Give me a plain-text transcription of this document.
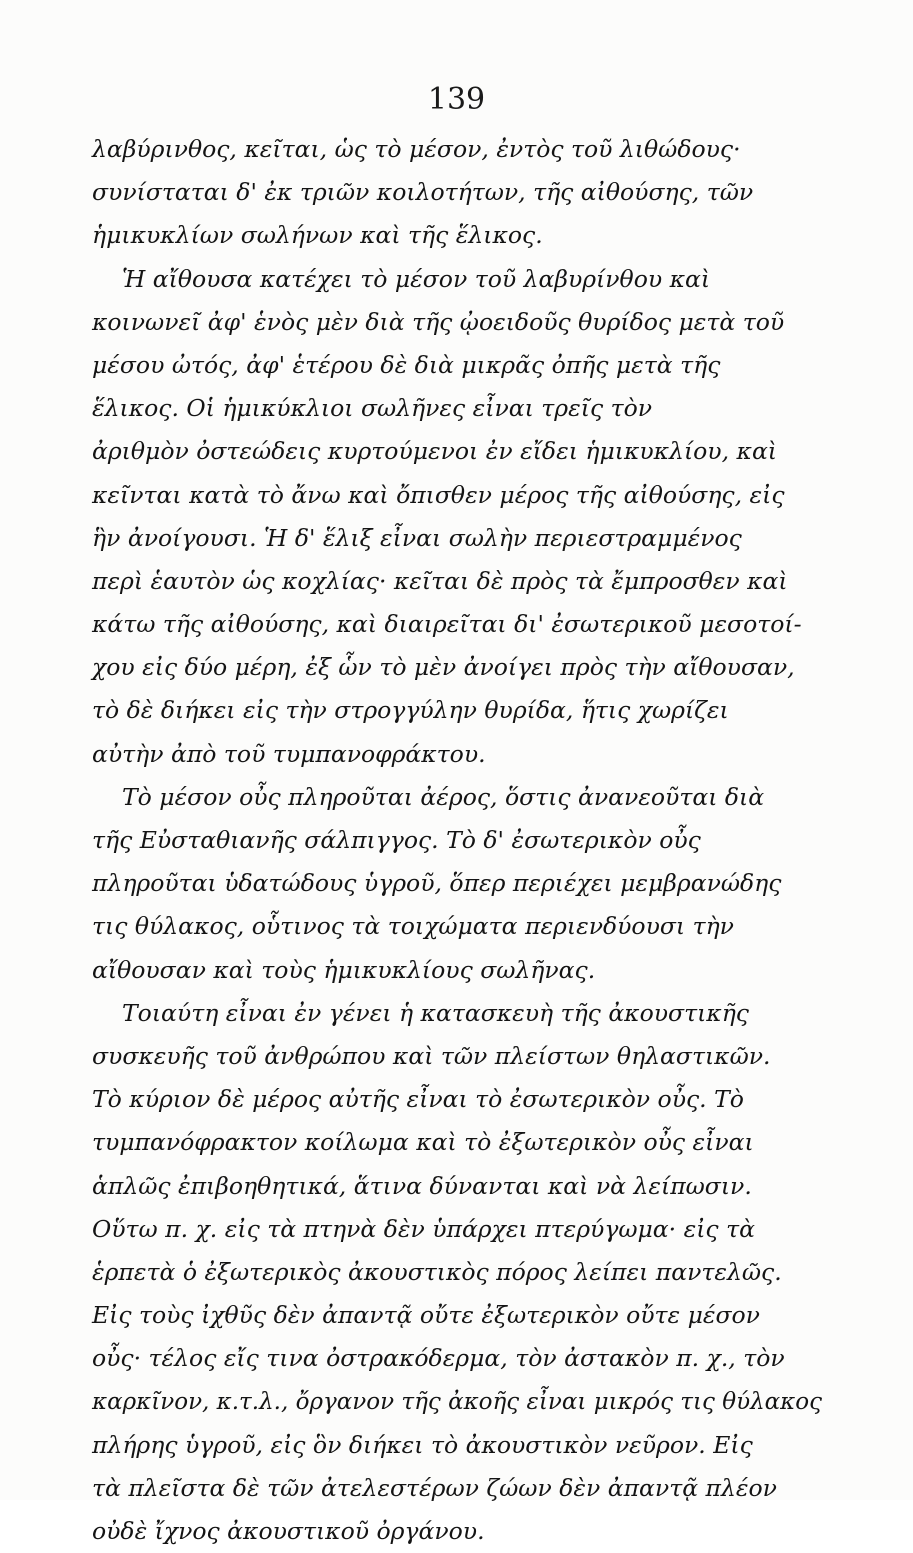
139
λαβύρινθος, κεῖται, ὡς τὸ μέσον, ἐντὸς τοῦ λιθώδους·
συνίσταται δ' ἐκ τριῶν κοιλοτήτων, τῆς αἰθούσης, τῶν
ἡμικυκλίων σωλήνων καὶ τῆς ἕλικος.
Ἡ αἴθουσα κατέχει τὸ μέσον τοῦ λαβυρίνθου καὶ
κοινωνεῖ ἀφ' ἑνὸς μὲν διὰ τῆς ᾠοειδοῦς θυρίδος μετὰ τοῦ
μέσου ὠτός, ἀφ' ἑτέρου δὲ διὰ μικρᾶς ὀπῆς μετὰ τῆς
ἕλικος. Οἱ ἡμικύκλιοι σωλῆνες εἶναι τρεῖς τὸν
ἀριθμὸν ὀστεώδεις κυρτούμενοι ἐν εἴδει ἡμικυκλίου, καὶ
κεῖνται κατὰ τὸ ἄνω καὶ ὄπισθεν μέρος τῆς αἰθούσης, εἰς
ἣν ἀνοίγουσι. Ἡ δ' ἕλιξ εἶναι σωλὴν περιεστραμμένος
περὶ ἑαυτὸν ὡς κοχλίας· κεῖται δὲ πρὸς τὰ ἔμπροσθεν καὶ
κάτω τῆς αἰθούσης, καὶ διαιρεῖται δι' ἐσωτερικοῦ μεσοτοί-
χου εἰς δύο μέρη, ἐξ ὧν τὸ μὲν ἀνοίγει πρὸς τὴν αἴθουσαν,
τὸ δὲ διήκει εἰς τὴν στρογγύλην θυρίδα, ἥτις χωρίζει
αὐτὴν ἀπὸ τοῦ τυμπανοφράκτου.
Τὸ μέσον οὖς πληροῦται ἀέρος, ὅστις ἀνανεοῦται διὰ
τῆς Εὐσταθιανῆς σάλπιγγος. Τὸ δ' ἐσωτερικὸν οὖς
πληροῦται ὑδατώδους ὑγροῦ, ὅπερ περιέχει μεμβρανώδης
τις θύλακος, οὗτινος τὰ τοιχώματα περιενδύουσι τὴν
αἴθουσαν καὶ τοὺς ἡμικυκλίους σωλῆνας.
Τοιαύτη εἶναι ἐν γένει ἡ κατασκευὴ τῆς ἀκουστικῆς
συσκευῆς τοῦ ἀνθρώπου καὶ τῶν πλείστων θηλαστικῶν.
Τὸ κύριον δὲ μέρος αὐτῆς εἶναι τὸ ἐσωτερικὸν οὖς. Τὸ
τυμπανόφρακτον κοίλωμα καὶ τὸ ἐξωτερικὸν οὖς εἶναι
ἁπλῶς ἐπιβοηθητικά, ἅτινα δύνανται καὶ νὰ λείπωσιν.
Οὕτω π. χ. εἰς τὰ πτηνὰ δὲν ὑπάρχει πτερύγωμα· εἰς τὰ
ἑρπετὰ ὁ ἐξωτερικὸς ἀκουστικὸς πόρος λείπει παντελῶς.
Εἰς τοὺς ἰχθῦς δὲν ἀπαντᾷ οὔτε ἐξωτερικὸν οὔτε μέσον
οὖς· τέλος εἴς τινα ὀστρακόδερμα, τὸν ἀστακὸν π. χ., τὸν
καρκῖνον, κ.τ.λ., ὄργανον τῆς ἀκοῆς εἶναι μικρός τις θύλακος
πλήρης ὑγροῦ, εἰς ὃν διήκει τὸ ἀκουστικὸν νεῦρον. Εἰς
τὰ πλεῖστα δὲ τῶν ἀτελεστέρων ζώων δὲν ἀπαντᾷ πλέον
οὐδὲ ἴχνος ἀκουστικοῦ ὀργάνου.
